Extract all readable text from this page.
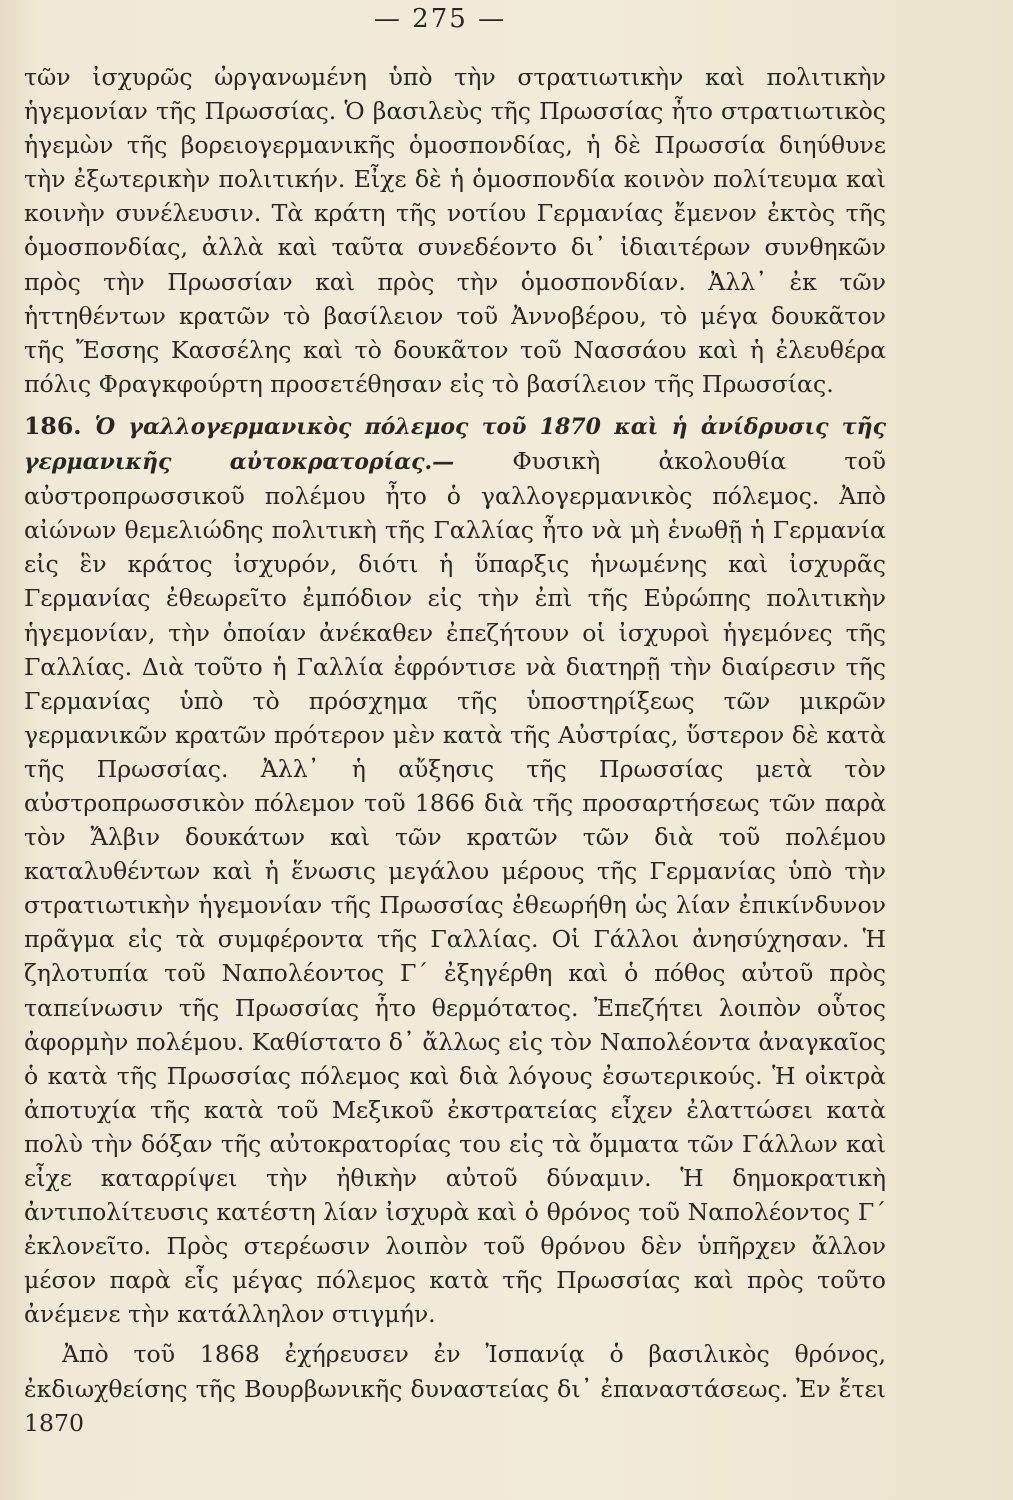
— 275 —

τῶν ἰσχυρῶς ὠργανωμένη ὑπὸ τὴν στρατιωτικὴν καὶ πολιτικὴν ἡγεμονίαν τῆς Πρωσσίας. Ὁ βασιλεὺς τῆς Πρωσσίας ἦτο στρατιωτικὸς ἡγεμὼν τῆς βορειογερμανικῆς ὁμοσπονδίας, ἡ δὲ Πρωσσία διηύθυνε τὴν ἐξωτερικὴν πολιτικήν. Εἶχε δὲ ἡ ὁμοσπονδία κοινὸν πολίτευμα καὶ κοινὴν συνέλευσιν. Τὰ κράτη τῆς νοτίου Γερμανίας ἔμενον ἐκτὸς τῆς ὁμοσπονδίας, ἀλλὰ καὶ ταῦτα συνεδέοντο δι᾽ ἰδιαιτέρων συνθηκῶν πρὸς τὴν Πρωσσίαν καὶ πρὸς τὴν ὁμοσπονδίαν. Ἀλλ᾽ ἐκ τῶν ἡττηθέντων κρατῶν τὸ βασίλειον τοῦ Ἀννοβέρου, τὸ μέγα δουκᾶτον τῆς Ἔσσης Κασσέλης καὶ τὸ δουκᾶτον τοῦ Νασσάου καὶ ἡ ἐλευθέρα πόλις Φραγκφούρτη προσετέθησαν εἰς τὸ βασίλειον τῆς Πρωσσίας.

186. Ὁ γαλλογερμανικὸς πόλεμος τοῦ 1870 καὶ ἡ ἀνίδρυσις τῆς γερμανικῆς αὐτοκρατορίας.— Φυσικὴ ἀκολουθία τοῦ αὐστροπρωσσικοῦ πολέμου ἦτο ὁ γαλλογερμανικὸς πόλεμος. Ἀπὸ αἰώνων θεμελιώδης πολιτικὴ τῆς Γαλλίας ἦτο νὰ μὴ ἑνωθῇ ἡ Γερμανία εἰς ἓν κράτος ἰσχυρόν, διότι ἡ ὕπαρξις ἡνωμένης καὶ ἰσχυρᾶς Γερμανίας ἐθεωρεῖτο ἐμπόδιον εἰς τὴν ἐπὶ τῆς Εὐρώπης πολιτικὴν ἡγεμονίαν, τὴν ὁποίαν ἀνέκαθεν ἐπεζήτουν οἱ ἰσχυροὶ ἡγεμόνες τῆς Γαλλίας. Διὰ τοῦτο ἡ Γαλλία ἐφρόντισε νὰ διατηρῇ τὴν διαίρεσιν τῆς Γερμανίας ὑπὸ τὸ πρόσχημα τῆς ὑποστηρίξεως τῶν μικρῶν γερμανικῶν κρατῶν πρότερον μὲν κατὰ τῆς Αὐστρίας, ὕστερον δὲ κατὰ τῆς Πρωσσίας. Ἀλλ᾽ ἡ αὔξησις τῆς Πρωσσίας μετὰ τὸν αὐστροπρωσσικὸν πόλεμον τοῦ 1866 διὰ τῆς προσαρτήσεως τῶν παρὰ τὸν Ἄλβιν δουκάτων καὶ τῶν κρατῶν τῶν διὰ τοῦ πολέμου καταλυθέντων καὶ ἡ ἕνωσις μεγάλου μέρους τῆς Γερμανίας ὑπὸ τὴν στρατιωτικὴν ἡγεμονίαν τῆς Πρωσσίας ἐθεωρήθη ὡς λίαν ἐπικίνδυνον πρᾶγμα εἰς τὰ συμφέροντα τῆς Γαλλίας. Οἱ Γάλλοι ἀνησύχησαν. Ἡ ζηλοτυπία τοῦ Ναπολέοντος Γ´ ἐξηγέρθη καὶ ὁ πόθος αὐτοῦ πρὸς ταπείνωσιν τῆς Πρωσσίας ἦτο θερμότατος. Ἐπεζήτει λοιπὸν οὗτος ἀφορμὴν πολέμου. Καθίστατο δ᾽ ἄλλως εἰς τὸν Ναπολέοντα ἀναγκαῖος ὁ κατὰ τῆς Πρωσσίας πόλεμος καὶ διὰ λόγους ἐσωτερικούς. Ἡ οἰκτρὰ ἀποτυχία τῆς κατὰ τοῦ Μεξικοῦ ἐκστρατείας εἶχεν ἐλαττώσει κατὰ πολὺ τὴν δόξαν τῆς αὐτοκρατορίας του εἰς τὰ ὄμματα τῶν Γάλλων καὶ εἶχε καταρρίψει τὴν ἠθικὴν αὐτοῦ δύναμιν. Ἡ δημοκρατικὴ ἀντιπολίτευσις κατέστη λίαν ἰσχυρὰ καὶ ὁ θρόνος τοῦ Ναπολέοντος Γ´ ἐκλονεῖτο. Πρὸς στερέωσιν λοιπὸν τοῦ θρόνου δὲν ὑπῆρχεν ἄλλον μέσον παρὰ εἷς μέγας πόλεμος κατὰ τῆς Πρωσσίας καὶ πρὸς τοῦτο ἀνέμενε τὴν κατάλληλον στιγμήν.

Ἀπὸ τοῦ 1868 ἐχήρευσεν ἐν Ἰσπανίᾳ ὁ βασιλικὸς θρόνος, ἐκδιωχθείσης τῆς Βουρβωνικῆς δυναστείας δι᾽ ἐπαναστάσεως. Ἐν ἔτει 1870
